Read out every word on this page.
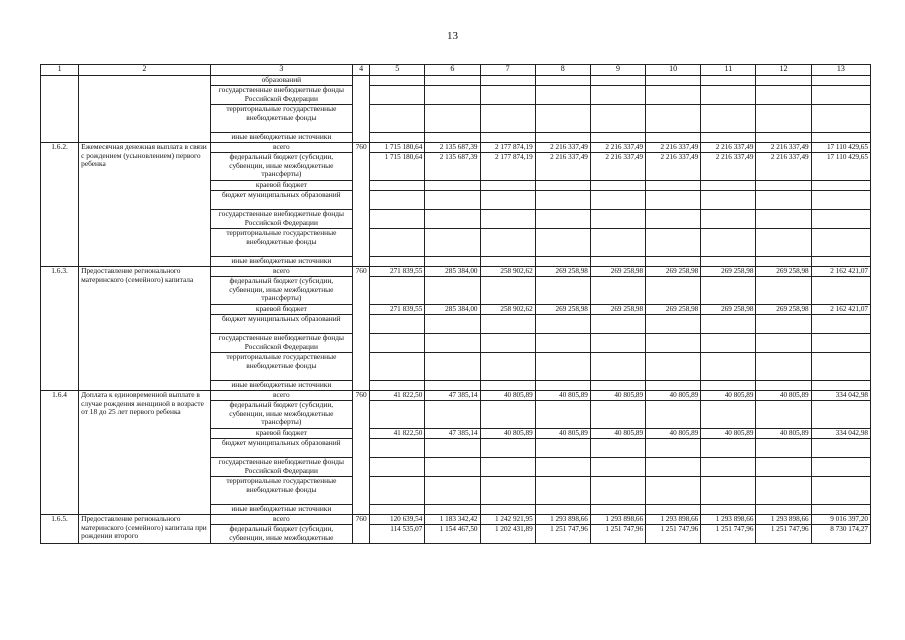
13
1	2	3	4	5	6	7	8	9	10	11	12	13
		образований										
		государственные внебюджетные фонды Российской Федерации										
		территориальные государственные внебюджетные фонды										
		иные внебюджетные источники										
1.6.2.	Ежемесячная денежная выплата в связи с рождением (усыновлением) первого ребенка	всего	760	1 715 180,64	2 135 687,39	2 177 874,19	2 216 337,49	2 216 337,49	2 216 337,49	2 216 337,49	2 216 337,49	17 110 429,65
		федеральный бюджет (субсидии, субвенции, иные межбюджетные трансферты)		1 715 180,64	2 135 687,39	2 177 874,19	2 216 337,49	2 216 337,49	2 216 337,49	2 216 337,49	2 216 337,49	17 110 429,65
		краевой бюджет										
		бюджет муниципальных образований										
		государственные внебюджетные фонды Российской Федерации										
		территориальные государственные внебюджетные фонды										
		иные внебюджетные источники										
1.6.3.	Предоставление регионального материнского (семейного) капитала	всего	760	271 839,55	285 384,00	258 902,62	269 258,98	269 258,98	269 258,98	269 258,98	269 258,98	2 162 421,07
		федеральный бюджет (субсидии, субвенции, иные межбюджетные трансферты)										
		краевой бюджет		271 839,55	285 384,00	258 902,62	269 258,98	269 258,98	269 258,98	269 258,98	269 258,98	2 162 421,07
		бюджет муниципальных образований										
		государственные внебюджетные фонды Российской Федерации										
		территориальные государственные внебюджетные фонды										
		иные внебюджетные источники										
1.6.4	Доплата к единовременной выплате в случае рождения женщиной в возрасте от 18 до 25 лет первого ребенка	всего	760	41 822,50	47 385,14	40 805,89	40 805,89	40 805,89	40 805,89	40 805,89	40 805,89	334 042,98
		федеральный бюджет (субсидии, субвенции, иные межбюджетные трансферты)										
		краевой бюджет		41 822,50	47 385,14	40 805,89	40 805,89	40 805,89	40 805,89	40 805,89	40 805,89	334 042,98
		бюджет муниципальных образований										
		государственные внебюджетные фонды Российской Федерации										
		территориальные государственные внебюджетные фонды										
		иные внебюджетные источники										
1.6.5.	Предоставление регионального материнского (семейного) капитала при рождении второго	всего	760	120 639,54	1 183 342,42	1 242 921,95	1 293 898,66	1 293 898,66	1 293 898,66	1 293 898,66	1 293 898,66	9 016 397,20
		федеральный бюджет (субсидии, субвенции, иные межбюджетные		114 535,07	1 154 467,50	1 202 431,89	1 251 747,96	1 251 747,96	1 251 747,96	1 251 747,96	1 251 747,96	8 730 174,27
